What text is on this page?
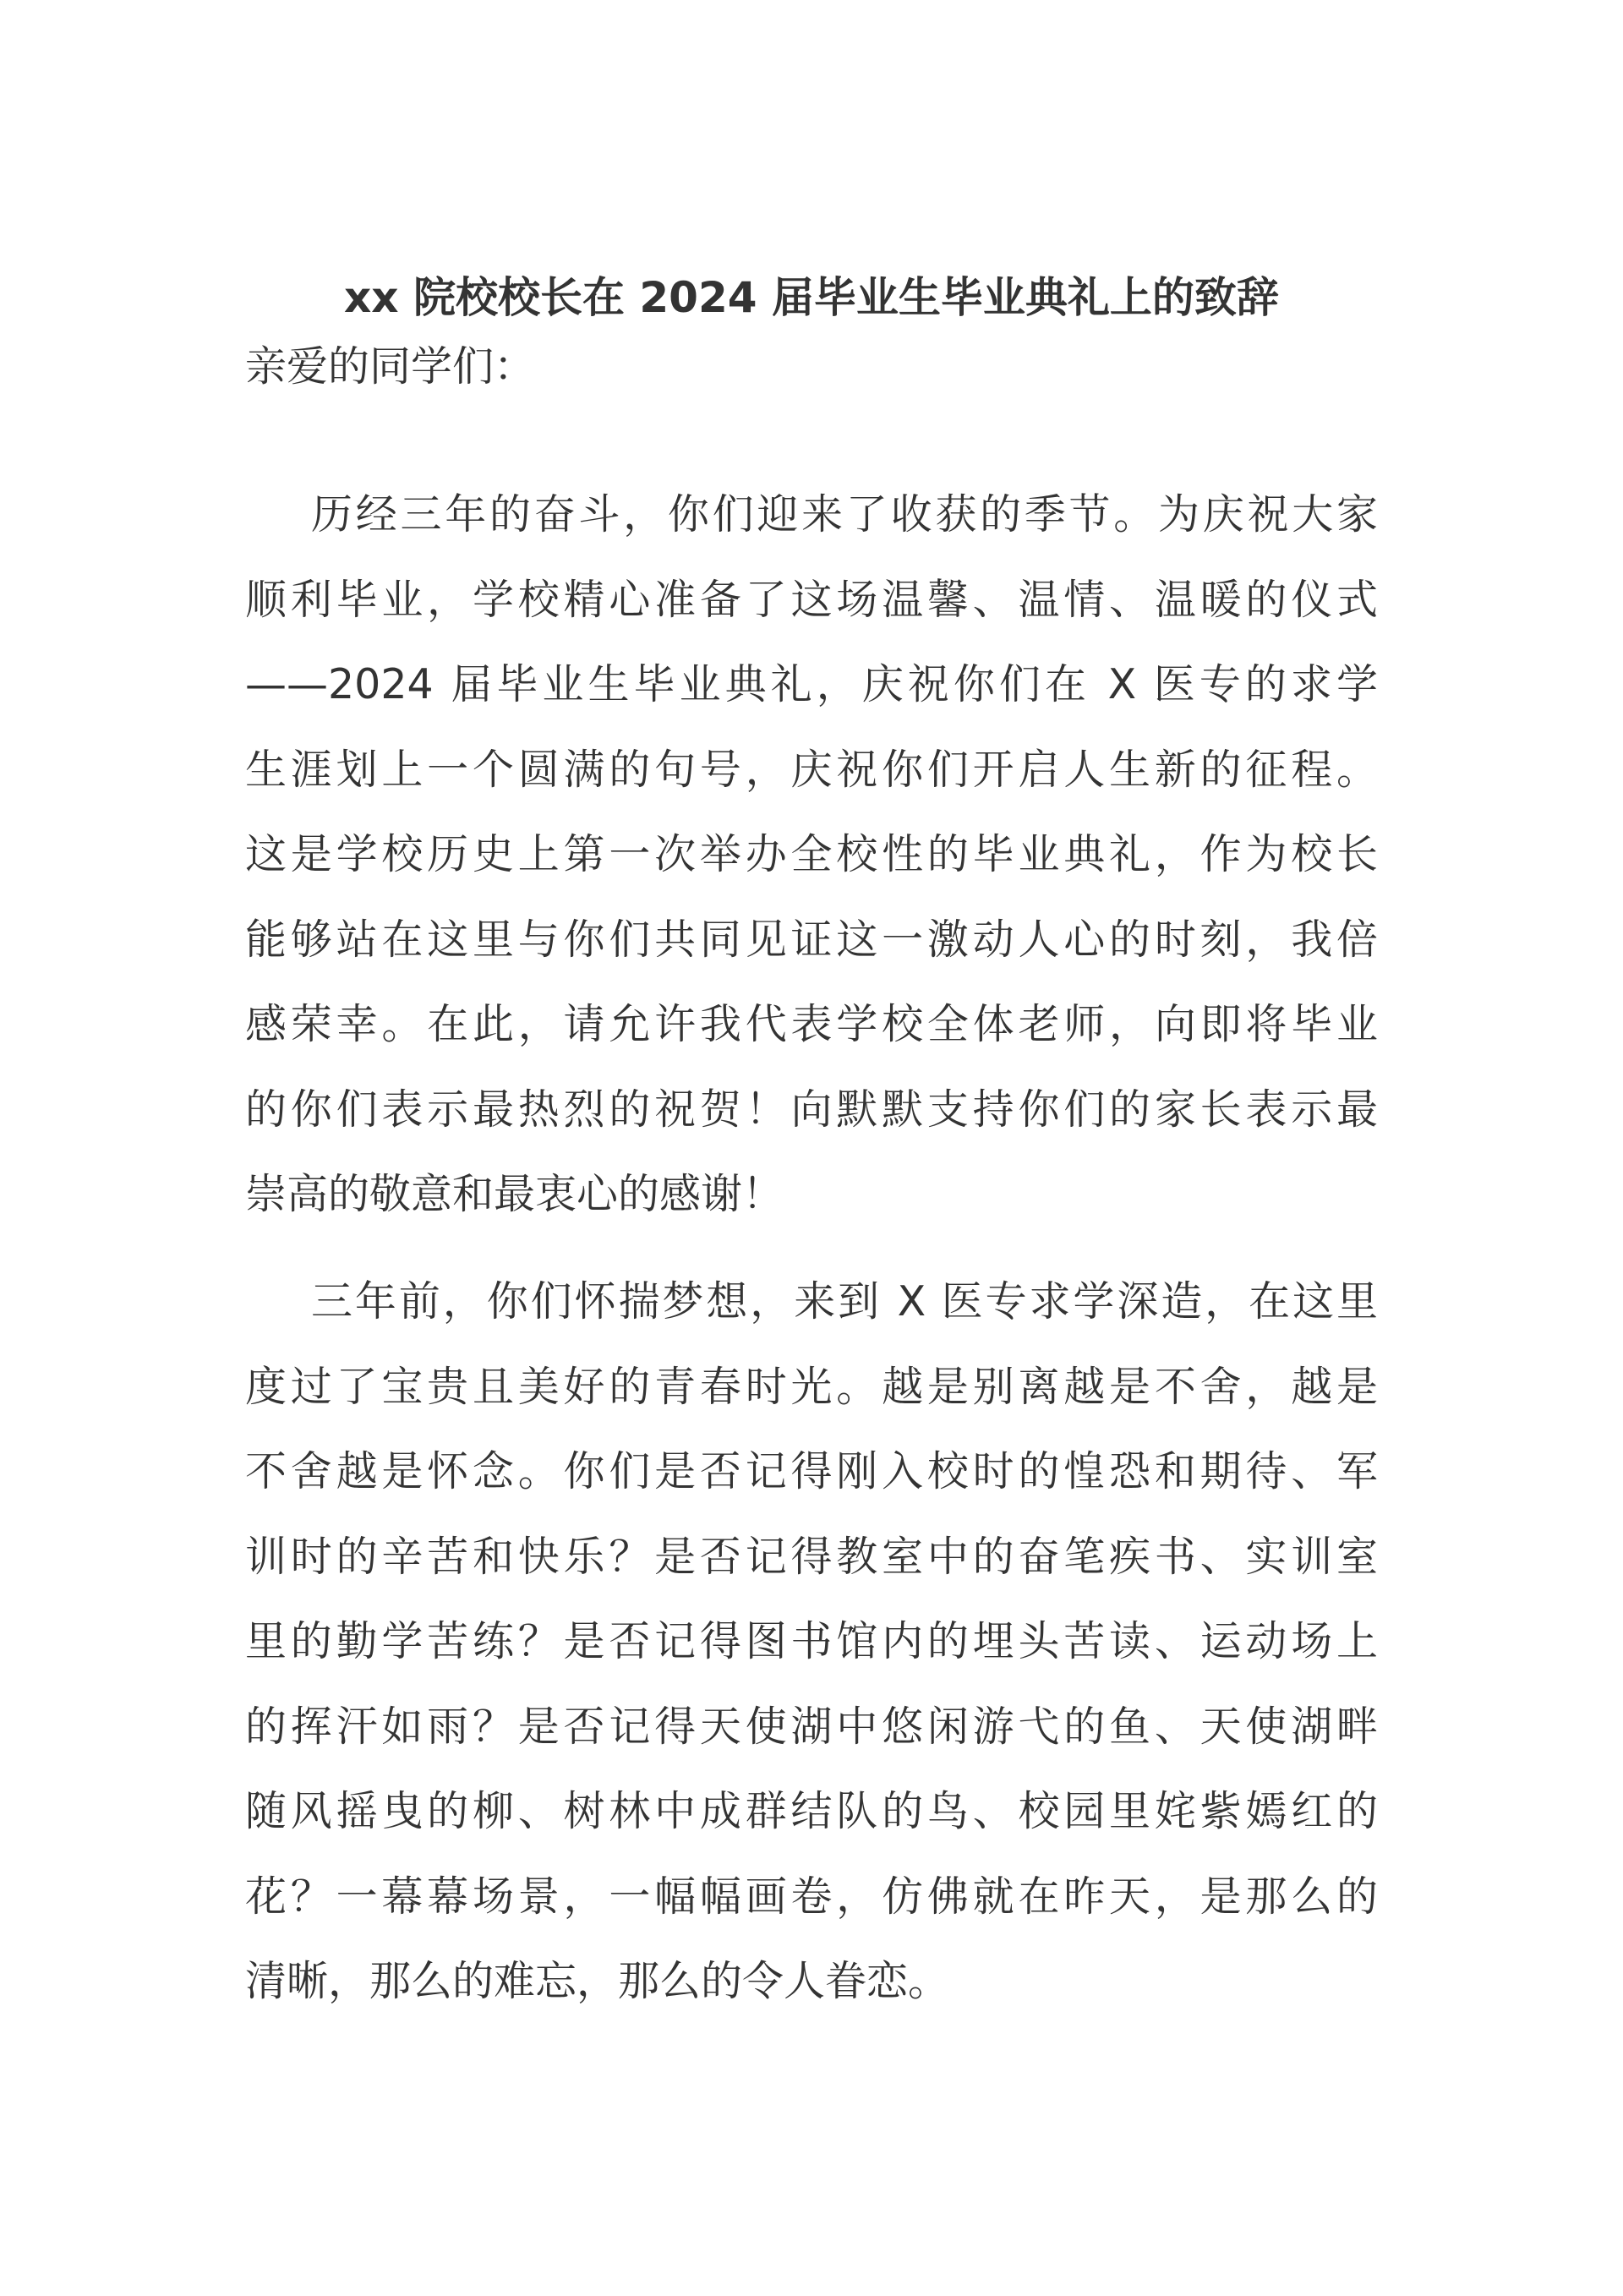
xx 院校校长在 2024 届毕业生毕业典礼上的致辞

亲爱的同学们：

历经三年的奋斗，你们迎来了收获的季节。为庆祝大家
顺利毕业，学校精心准备了这场温馨、温情、温暖的仪式
——2024 届毕业生毕业典礼，庆祝你们在 X 医专的求学
生涯划上一个圆满的句号，庆祝你们开启人生新的征程。
这是学校历史上第一次举办全校性的毕业典礼，作为校长
能够站在这里与你们共同见证这一激动人心的时刻，我倍
感荣幸。在此，请允许我代表学校全体老师，向即将毕业
的你们表示最热烈的祝贺！向默默支持你们的家长表示最
崇高的敬意和最衷心的感谢！
三年前，你们怀揣梦想，来到 X 医专求学深造，在这里
度过了宝贵且美好的青春时光。越是别离越是不舍，越是
不舍越是怀念。你们是否记得刚入校时的惶恐和期待、军
训时的辛苦和快乐？是否记得教室中的奋笔疾书、实训室
里的勤学苦练？是否记得图书馆内的埋头苦读、运动场上
的挥汗如雨？是否记得天使湖中悠闲游弋的鱼、天使湖畔
随风摇曳的柳、树林中成群结队的鸟、校园里姹紫嫣红的
花？一幕幕场景，一幅幅画卷，仿佛就在昨天，是那么的
清晰，那么的难忘，那么的令人眷恋。
